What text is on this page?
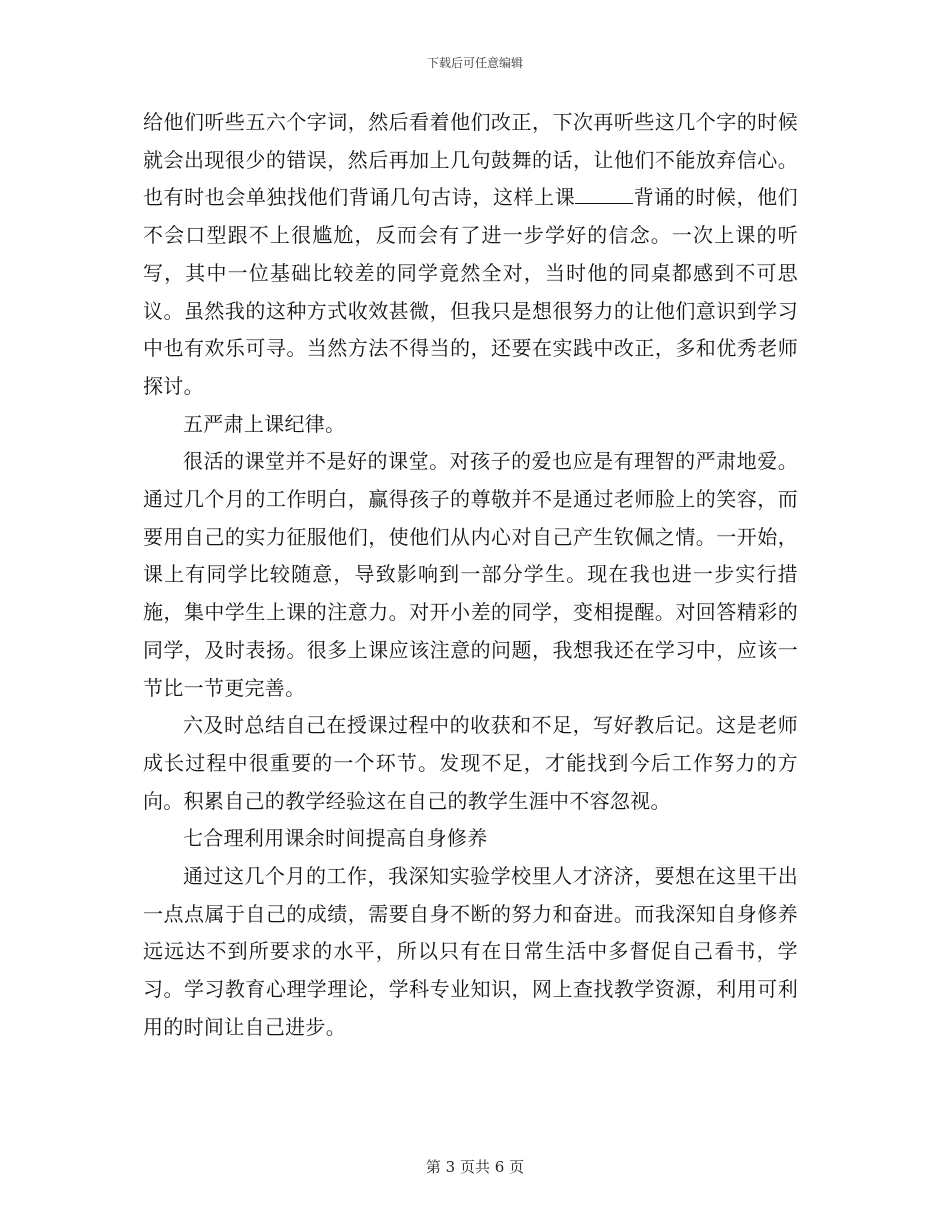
下载后可任意编辑

给他们听些五六个字词，然后看着他们改正，下次再听些这几个字的时候就会出现很少的错误，然后再加上几句鼓舞的话，让他们不能放弃信心。也有时也会单独找他们背诵几句古诗，这样上课	背诵的时候，他们不会口型跟不上很尴尬，反而会有了进一步学好的信念。一次上课的听写，其中一位基础比较差的同学竟然全对，当时他的同桌都感到不可思议。虽然我的这种方式收效甚微，但我只是想很努力的让他们意识到学习中也有欢乐可寻。当然方法不得当的，还要在实践中改正，多和优秀老师探讨。

五严肃上课纪律。

很活的课堂并不是好的课堂。对孩子的爱也应是有理智的严肃地爱。通过几个月的工作明白，赢得孩子的尊敬并不是通过老师脸上的笑容，而要用自己的实力征服他们，使他们从内心对自己产生钦佩之情。一开始，课上有同学比较随意，导致影响到一部分学生。现在我也进一步实行措施，集中学生上课的注意力。对开小差的同学，变相提醒。对回答精彩的同学，及时表扬。很多上课应该注意的问题，我想我还在学习中，应该一节比一节更完善。

六及时总结自己在授课过程中的收获和不足，写好教后记。这是老师成长过程中很重要的一个环节。发现不足，才能找到今后工作努力的方向。积累自己的教学经验这在自己的教学生涯中不容忽视。

七合理利用课余时间提高自身修养

通过这几个月的工作，我深知实验学校里人才济济，要想在这里干出一点点属于自己的成绩，需要自身不断的努力和奋进。而我深知自身修养远远达不到所要求的水平，所以只有在日常生活中多督促自己看书，学习。学习教育心理学理论，学科专业知识，网上查找教学资源，利用可利用的时间让自己进步。

第 3 页共 6 页
